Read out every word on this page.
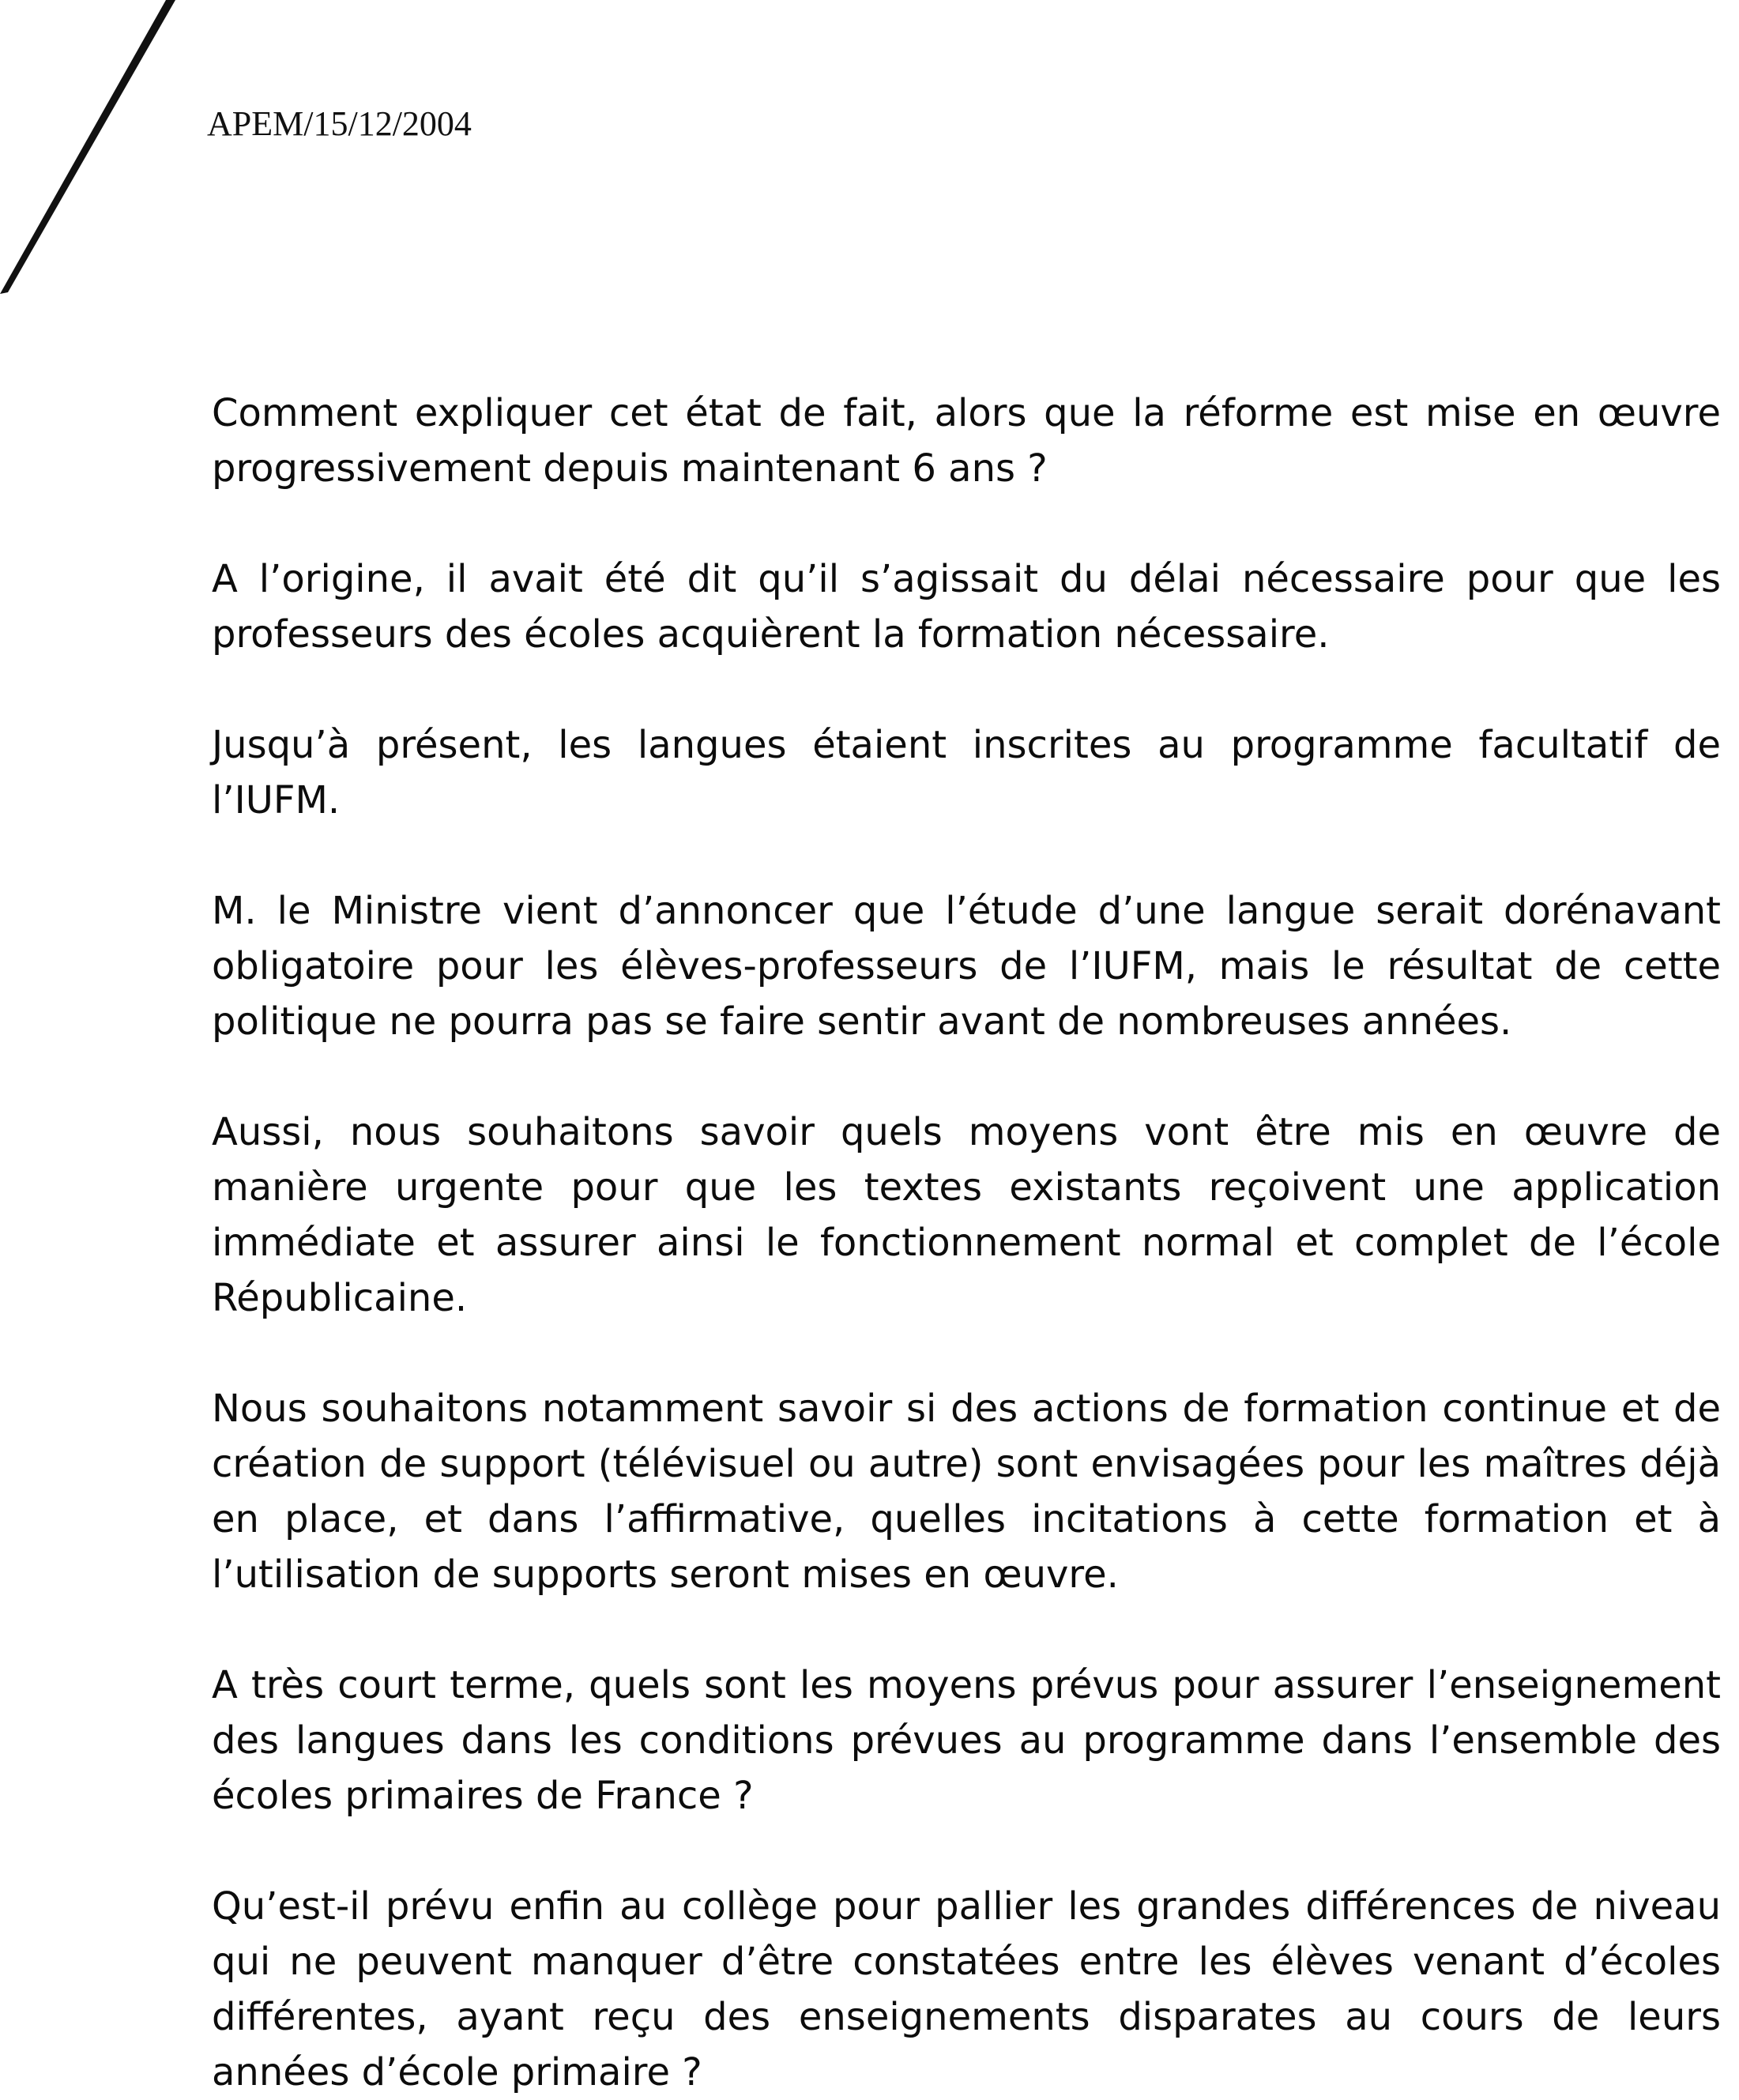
APEM/15/12/2004

Comment expliquer cet état de fait, alors que la réforme est mise en œuvre progressivement depuis maintenant 6 ans ?

A l’origine, il avait été dit qu’il s’agissait du délai nécessaire pour que les professeurs des écoles acquièrent la formation nécessaire.

Jusqu’à présent, les langues étaient inscrites au programme facultatif de l’IUFM.

M. le Ministre vient d’annoncer que l’étude d’une langue serait dorénavant obligatoire pour les élèves-professeurs de l’IUFM, mais le résultat de cette politique ne pourra pas se faire sentir avant de nombreuses années.

Aussi, nous souhaitons savoir quels moyens vont être mis en œuvre de manière urgente pour que les textes existants reçoivent une application immédiate et assurer ainsi le fonctionnement normal et complet de l’école Républicaine.

Nous souhaitons notamment savoir si des actions de formation continue et de création de support (télévisuel ou autre) sont envisagées pour les maîtres déjà en place, et dans l’affirmative, quelles incitations à cette formation et à l’utilisation de supports seront mises en œuvre.

A très court terme, quels sont les moyens prévus pour assurer l’enseignement des langues dans les conditions prévues au programme dans l’ensemble des écoles primaires de France ?

Qu’est-il prévu enfin au collège pour pallier les grandes différences de niveau qui ne peuvent manquer d’être constatées entre les élèves venant d’écoles différentes, ayant reçu des enseignements disparates au cours de leurs années d’école primaire ?
